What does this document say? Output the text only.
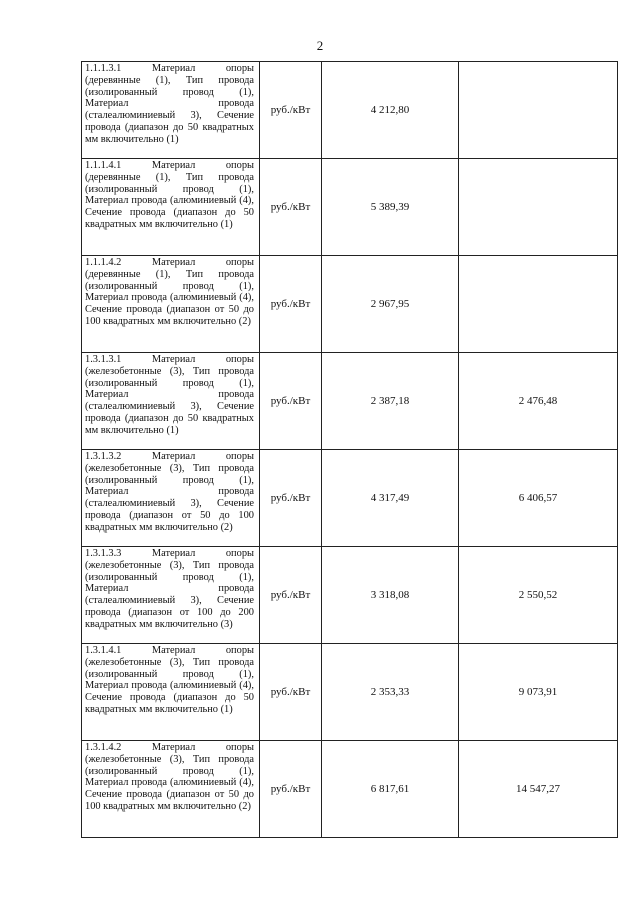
2
1.1.1.3.1 Материал опоры (деревянные (1), Тип провода (изолированный провод (1), Материал провода (сталеалюминиевый 3), Сечение провода (диапазон до 50 квадратных мм включительно (1)	руб./кВт	4 212,80	
1.1.1.4.1 Материал опоры (деревянные (1), Тип провода (изолированный провод (1), Материал провода (алюминиевый (4), Сечение провода (диапазон до 50 квадратных мм включительно (1)	руб./кВт	5 389,39	
1.1.1.4.2 Материал опоры (деревянные (1), Тип провода (изолированный провод (1), Материал провода (алюминиевый (4), Сечение провода (диапазон от 50 до 100 квадратных мм включительно (2)	руб./кВт	2 967,95	
1.3.1.3.1 Материал опоры (железобетонные (3), Тип провода (изолированный провод (1), Материал провода (сталеалюминиевый 3), Сечение провода (диапазон до 50 квадратных мм включительно (1)	руб./кВт	2 387,18	2 476,48
1.3.1.3.2 Материал опоры (железобетонные (3), Тип провода (изолированный провод (1), Материал провода (сталеалюминиевый 3), Сечение провода (диапазон от 50 до 100 квадратных мм включительно (2)	руб./кВт	4 317,49	6 406,57
1.3.1.3.3 Материал опоры (железобетонные (3), Тип провода (изолированный провод (1), Материал провода (сталеалюминиевый 3), Сечение провода (диапазон от 100 до 200 квадратных мм включительно (3)	руб./кВт	3 318,08	2 550,52
1.3.1.4.1 Материал опоры (железобетонные (3), Тип провода (изолированный провод (1), Материал провода (алюминиевый (4), Сечение провода (диапазон до 50 квадратных мм включительно (1)	руб./кВт	2 353,33	9 073,91
1.3.1.4.2 Материал опоры (железобетонные (3), Тип провода (изолированный провод (1), Материал провода (алюминиевый (4), Сечение провода (диапазон от 50 до 100 квадратных мм включительно (2)	руб./кВт	6 817,61	14 547,27
